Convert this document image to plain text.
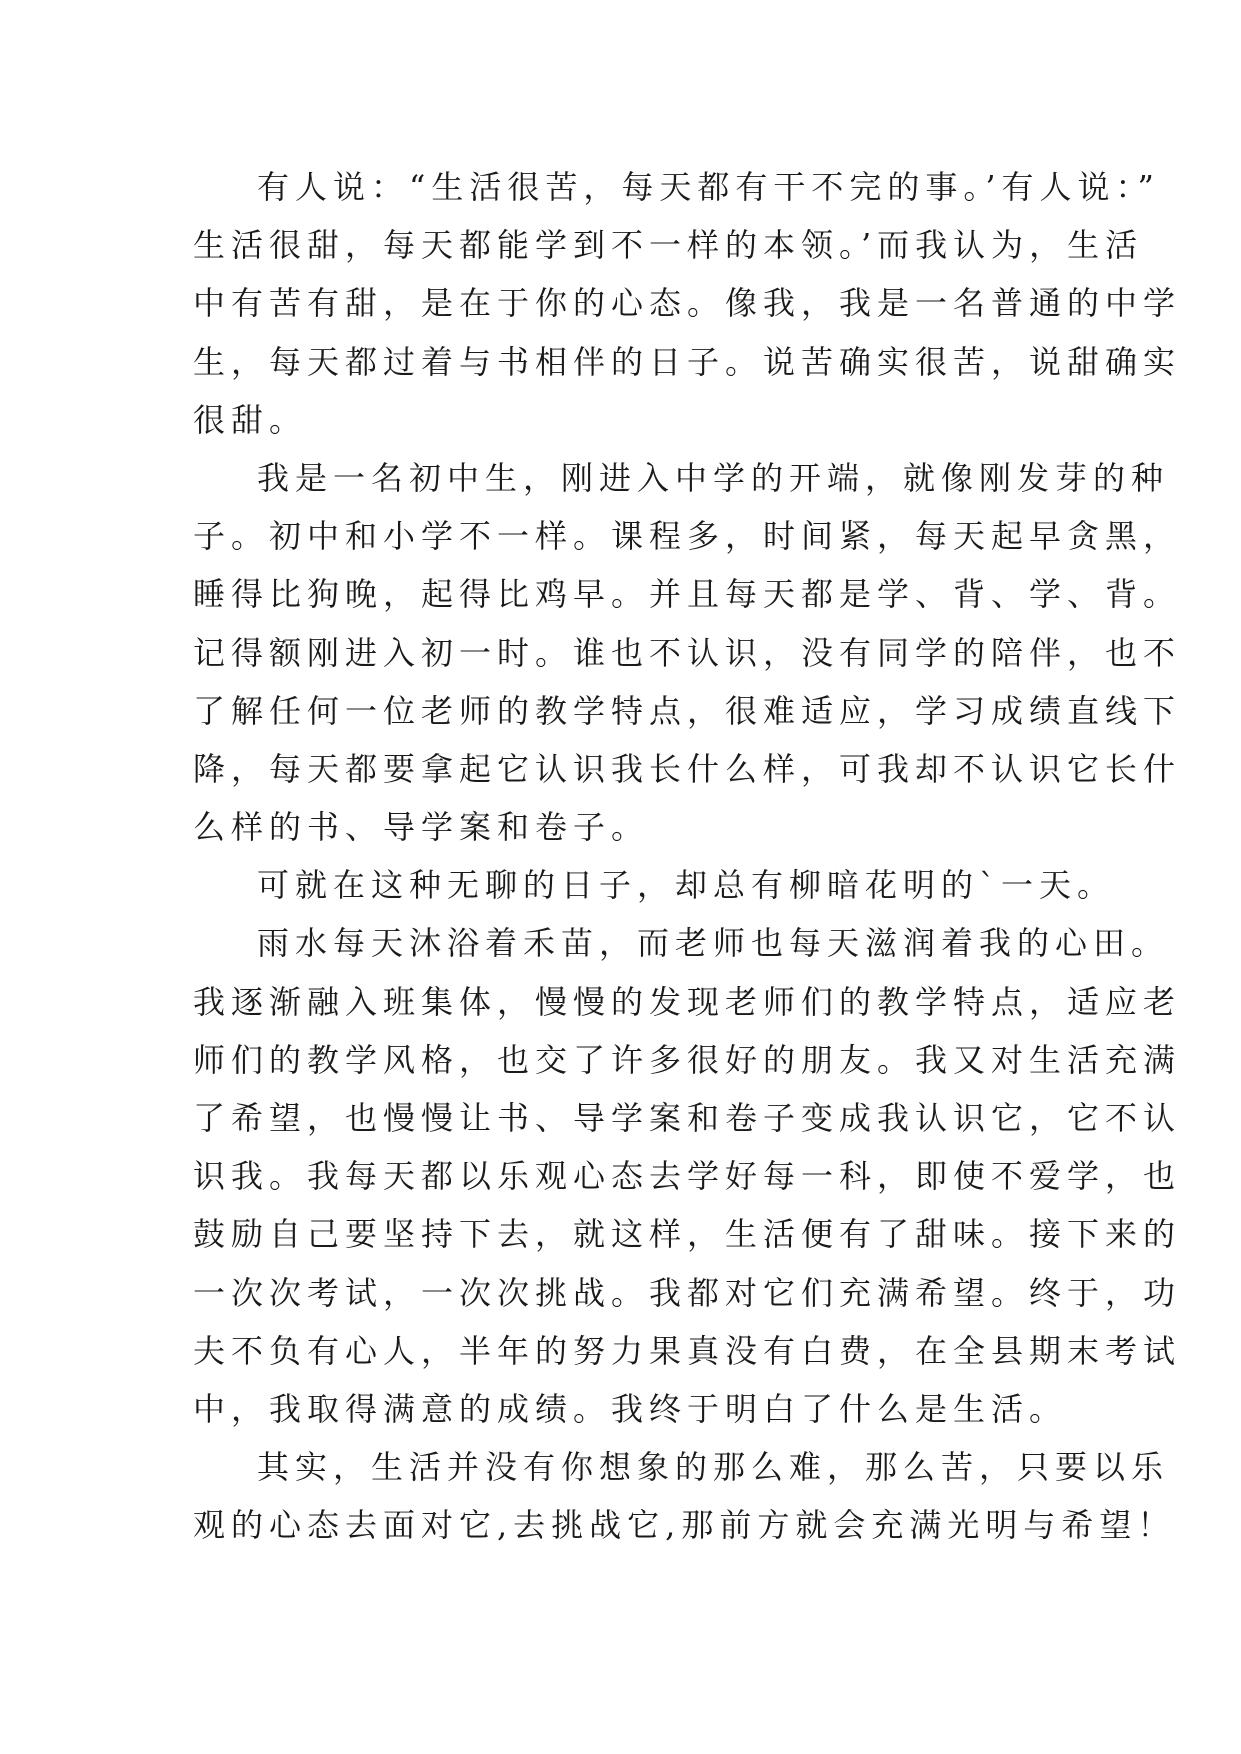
有人说：“生活很苦，每天都有干不完的事。’有人说：”
生活很甜，每天都能学到不一样的本领。’而我认为，生活
中有苦有甜，是在于你的心态。像我，我是一名普通的中学
生，每天都过着与书相伴的日子。说苦确实很苦，说甜确实
很甜。
我是一名初中生，刚进入中学的开端，就像刚发芽的种
子。初中和小学不一样。课程多，时间紧，每天起早贪黑，
睡得比狗晚，起得比鸡早。并且每天都是学、背、学、背。
记得额刚进入初一时。谁也不认识，没有同学的陪伴，也不
了解任何一位老师的教学特点，很难适应，学习成绩直线下
降，每天都要拿起它认识我长什么样，可我却不认识它长什
么样的书、导学案和卷子。
可就在这种无聊的日子，却总有柳暗花明的`一天。
雨水每天沐浴着禾苗，而老师也每天滋润着我的心田。
我逐渐融入班集体，慢慢的发现老师们的教学特点，适应老
师们的教学风格，也交了许多很好的朋友。我又对生活充满
了希望，也慢慢让书、导学案和卷子变成我认识它，它不认
识我。我每天都以乐观心态去学好每一科，即使不爱学，也
鼓励自己要坚持下去，就这样，生活便有了甜味。接下来的
一次次考试，一次次挑战。我都对它们充满希望。终于，功
夫不负有心人，半年的努力果真没有白费，在全县期末考试
中，我取得满意的成绩。我终于明白了什么是生活。
其实，生活并没有你想象的那么难，那么苦，只要以乐
观的心态去面对它,去挑战它,那前方就会充满光明与希望！
